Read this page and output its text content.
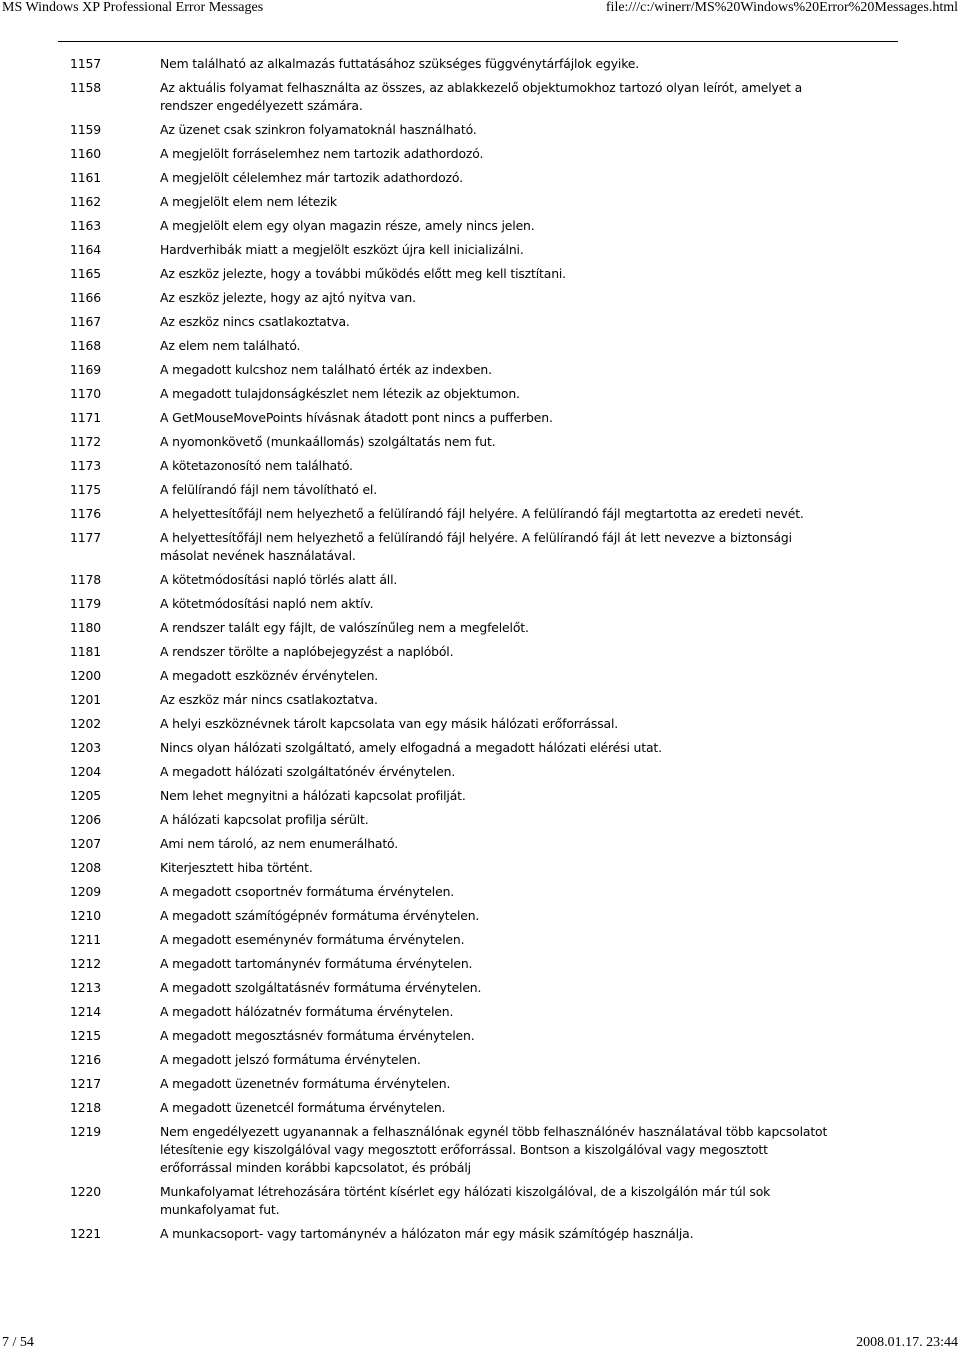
MS Windows XP Professional Error Messages	file:///c:/winerr/MS%20Windows%20Error%20Messages.html
1157	Nem található az alkalmazás futtatásához szükséges függvénytárfájlok egyike.
1158	Az aktuális folyamat felhasználta az összes, az ablakkezelő objektumokhoz tartozó olyan leírót, amelyet a rendszer engedélyezett számára.
1159	Az üzenet csak szinkron folyamatoknál használható.
1160	A megjelölt forráselemhez nem tartozik adathordozó.
1161	A megjelölt célelemhez már tartozik adathordozó.
1162	A megjelölt elem nem létezik
1163	A megjelölt elem egy olyan magazin része, amely nincs jelen.
1164	Hardverhibák miatt a megjelölt eszközt újra kell inicializálni.
1165	Az eszköz jelezte, hogy a további működés előtt meg kell tisztítani.
1166	Az eszköz jelezte, hogy az ajtó nyitva van.
1167	Az eszköz nincs csatlakoztatva.
1168	Az elem nem található.
1169	A megadott kulcshoz nem található érték az indexben.
1170	A megadott tulajdonságkészlet nem létezik az objektumon.
1171	A GetMouseMovePoints hívásnak átadott pont nincs a pufferben.
1172	A nyomonkövető (munkaállomás) szolgáltatás nem fut.
1173	A kötetazonosító nem található.
1175	A felülírandó fájl nem távolítható el.
1176	A helyettesítőfájl nem helyezhető a felülírandó fájl helyére. A felülírandó fájl megtartotta az eredeti nevét.
1177	A helyettesítőfájl nem helyezhető a felülírandó fájl helyére. A felülírandó fájl át lett nevezve a biztonsági másolat nevének használatával.
1178	A kötetmódosítási napló törlés alatt áll.
1179	A kötetmódosítási napló nem aktív.
1180	A rendszer talált egy fájlt, de valószínűleg nem a megfelelőt.
1181	A rendszer törölte a naplóbejegyzést a naplóból.
1200	A megadott eszköznév érvénytelen.
1201	Az eszköz már nincs csatlakoztatva.
1202	A helyi eszköznévnek tárolt kapcsolata van egy másik hálózati erőforrással.
1203	Nincs olyan hálózati szolgáltató, amely elfogadná a megadott hálózati elérési utat.
1204	A megadott hálózati szolgáltatónév érvénytelen.
1205	Nem lehet megnyitni a hálózati kapcsolat profilját.
1206	A hálózati kapcsolat profilja sérült.
1207	Ami nem tároló, az nem enumerálható.
1208	Kiterjesztett hiba történt.
1209	A megadott csoportnév formátuma érvénytelen.
1210	A megadott számítógépnév formátuma érvénytelen.
1211	A megadott eseménynév formátuma érvénytelen.
1212	A megadott tartománynév formátuma érvénytelen.
1213	A megadott szolgáltatásnév formátuma érvénytelen.
1214	A megadott hálózatnév formátuma érvénytelen.
1215	A megadott megosztásnév formátuma érvénytelen.
1216	A megadott jelszó formátuma érvénytelen.
1217	A megadott üzenetnév formátuma érvénytelen.
1218	A megadott üzenetcél formátuma érvénytelen.
1219	Nem engedélyezett ugyanannak a felhasználónak egynél több felhasználónév használatával több kapcsolatot létesítenie egy kiszolgálóval vagy megosztott erőforrással. Bontson a kiszolgálóval vagy megosztott erőforrással minden korábbi kapcsolatot, és próbálj
1220	Munkafolyamat létrehozására történt kísérlet egy hálózati kiszolgálóval, de a kiszolgálón már túl sok munkafolyamat fut.
1221	A munkacsoport- vagy tartománynév a hálózaton már egy másik számítógép használja.
7 / 54	2008.01.17. 23:44
